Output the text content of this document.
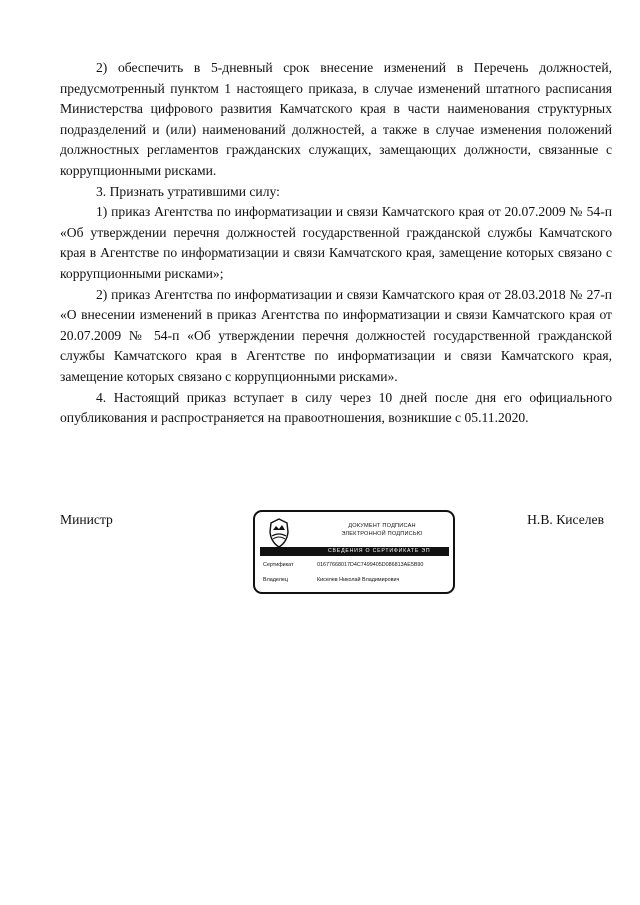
2) обеспечить в 5-дневный срок внесение изменений в Перечень должностей, предусмотренный пунктом 1 настоящего приказа, в случае изменений штатного расписания Министерства цифрового развития Камчатского края в части наименования структурных подразделений и (или) наименований должностей, а также в случае изменения положений должностных регламентов гражданских служащих, замещающих должности, связанные с коррупционными рисками.

3. Признать утратившими силу:

1) приказ Агентства по информатизации и связи Камчатского края от 20.07.2009 № 54-п «Об утверждении перечня должностей государственной гражданской службы Камчатского края в Агентстве по информатизации и связи Камчатского края, замещение которых связано с коррупционными рисками»;

2) приказ Агентства по информатизации и связи Камчатского края от 28.03.2018 № 27-п «О внесении изменений в приказ Агентства по информатизации и связи Камчатского края от 20.07.2009 № 54-п «Об утверждении перечня должностей государственной гражданской службы Камчатского края в Агентстве по информатизации и связи Камчатского края, замещение которых связано с коррупционными рисками».

4. Настоящий приказ вступает в силу через 10 дней после дня его официального опубликования и распространяется на правоотношения, возникшие с 05.11.2020.

Министр	ДОКУМЕНТ ПОДПИСАН
ЭЛЕКТРОННОЙ ПОДПИСЬЮ
СВЕДЕНИЯ О СЕРТИФИКАТЕ ЭП
Сертификат	01677668017D4C7499405D086813AE5B90
Владелец	Киселев Николай Владимирович
Н.В. Киселев
